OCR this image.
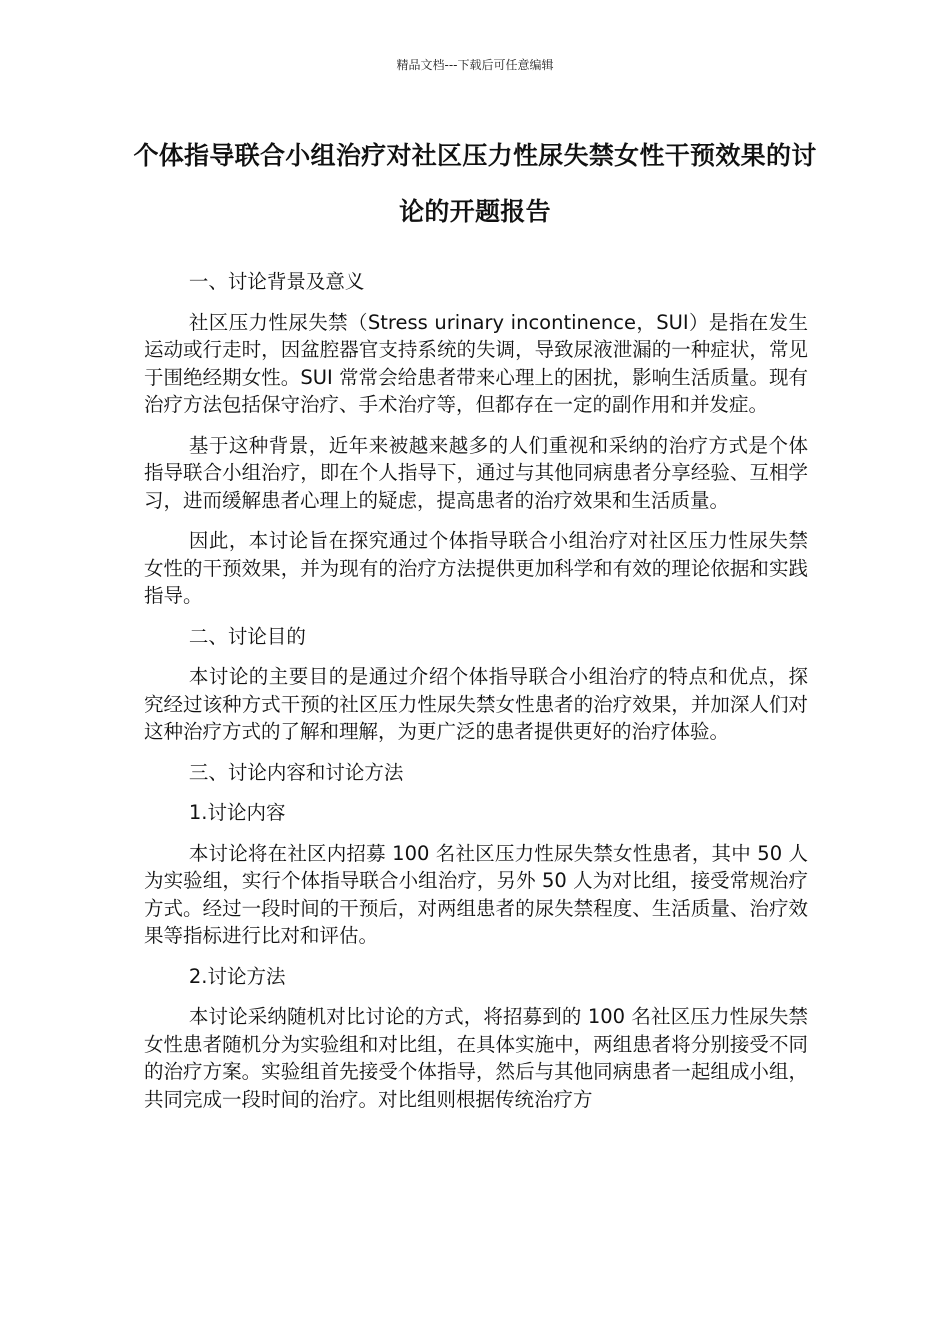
精品文档---下载后可任意编辑
个体指导联合小组治疗对社区压力性尿失禁女性干预效果的讨论的开题报告

一、讨论背景及意义

社区压力性尿失禁（Stress urinary incontinence，SUI）是指在发生运动或行走时，因盆腔器官支持系统的失调，导致尿液泄漏的一种症状，常见于围绝经期女性。SUI 常常会给患者带来心理上的困扰，影响生活质量。现有治疗方法包括保守治疗、手术治疗等，但都存在一定的副作用和并发症。

基于这种背景，近年来被越来越多的人们重视和采纳的治疗方式是个体指导联合小组治疗，即在个人指导下，通过与其他同病患者分享经验、互相学习，进而缓解患者心理上的疑虑，提高患者的治疗效果和生活质量。

因此，本讨论旨在探究通过个体指导联合小组治疗对社区压力性尿失禁女性的干预效果，并为现有的治疗方法提供更加科学和有效的理论依据和实践指导。

二、讨论目的

本讨论的主要目的是通过介绍个体指导联合小组治疗的特点和优点，探究经过该种方式干预的社区压力性尿失禁女性患者的治疗效果，并加深人们对这种治疗方式的了解和理解，为更广泛的患者提供更好的治疗体验。

三、讨论内容和讨论方法

1.讨论内容

本讨论将在社区内招募 100 名社区压力性尿失禁女性患者，其中 50 人为实验组，实行个体指导联合小组治疗，另外 50 人为对比组，接受常规治疗方式。经过一段时间的干预后，对两组患者的尿失禁程度、生活质量、治疗效果等指标进行比对和评估。

2.讨论方法

本讨论采纳随机对比讨论的方式，将招募到的 100 名社区压力性尿失禁女性患者随机分为实验组和对比组，在具体实施中，两组患者将分别接受不同的治疗方案。实验组首先接受个体指导，然后与其他同病患者一起组成小组，共同完成一段时间的治疗。对比组则根据传统治疗方
